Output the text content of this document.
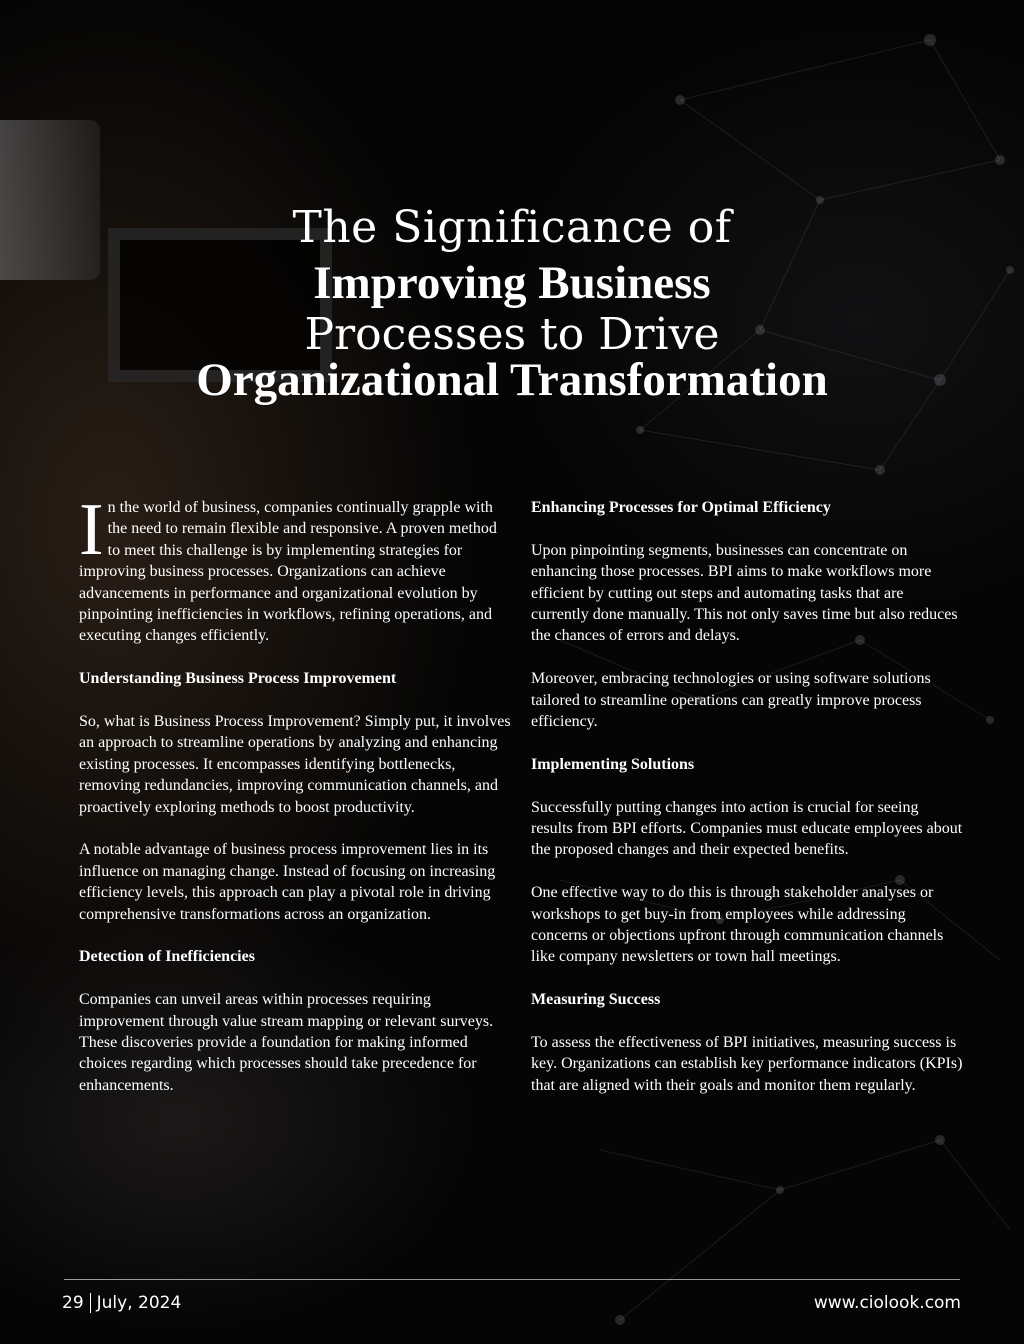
The Significance of
Improving Business
Processes to Drive
Organizational Transformation

In the world of business, companies continually grapple with the need to remain flexible and responsive. A proven method to meet this challenge is by implementing strategies for improving business processes. Organizations can achieve advancements in performance and organizational evolution by pinpointing inefficiencies in workflows, refining operations, and executing changes efficiently.

Understanding Business Process Improvement

So, what is Business Process Improvement? Simply put, it involves an approach to streamline operations by analyzing and enhancing existing processes. It encompasses identifying bottlenecks, removing redundancies, improving communication channels, and proactively exploring methods to boost productivity.

A notable advantage of business process improvement lies in its influence on managing change. Instead of focusing on increasing efficiency levels, this approach can play a pivotal role in driving comprehensive transformations across an organization.

Detection of Inefficiencies

Companies can unveil areas within processes requiring improvement through value stream mapping or relevant surveys. These discoveries provide a foundation for making informed choices regarding which processes should take precedence for enhancements.

Enhancing Processes for Optimal Efficiency

Upon pinpointing segments, businesses can concentrate on enhancing those processes. BPI aims to make workflows more efficient by cutting out steps and automating tasks that are currently done manually. This not only saves time but also reduces the chances of errors and delays.

Moreover, embracing technologies or using software solutions tailored to streamline operations can greatly improve process efficiency.

Implementing Solutions

Successfully putting changes into action is crucial for seeing results from BPI efforts. Companies must educate employees about the proposed changes and their expected benefits.

One effective way to do this is through stakeholder analyses or workshops to get buy-in from employees while addressing concerns or objections upfront through communication channels like company newsletters or town hall meetings.

Measuring Success

To assess the effectiveness of BPI initiatives, measuring success is key. Organizations can establish key performance indicators (KPIs) that are aligned with their goals and monitor them regularly.

29 July, 2024	www.ciolook.com
